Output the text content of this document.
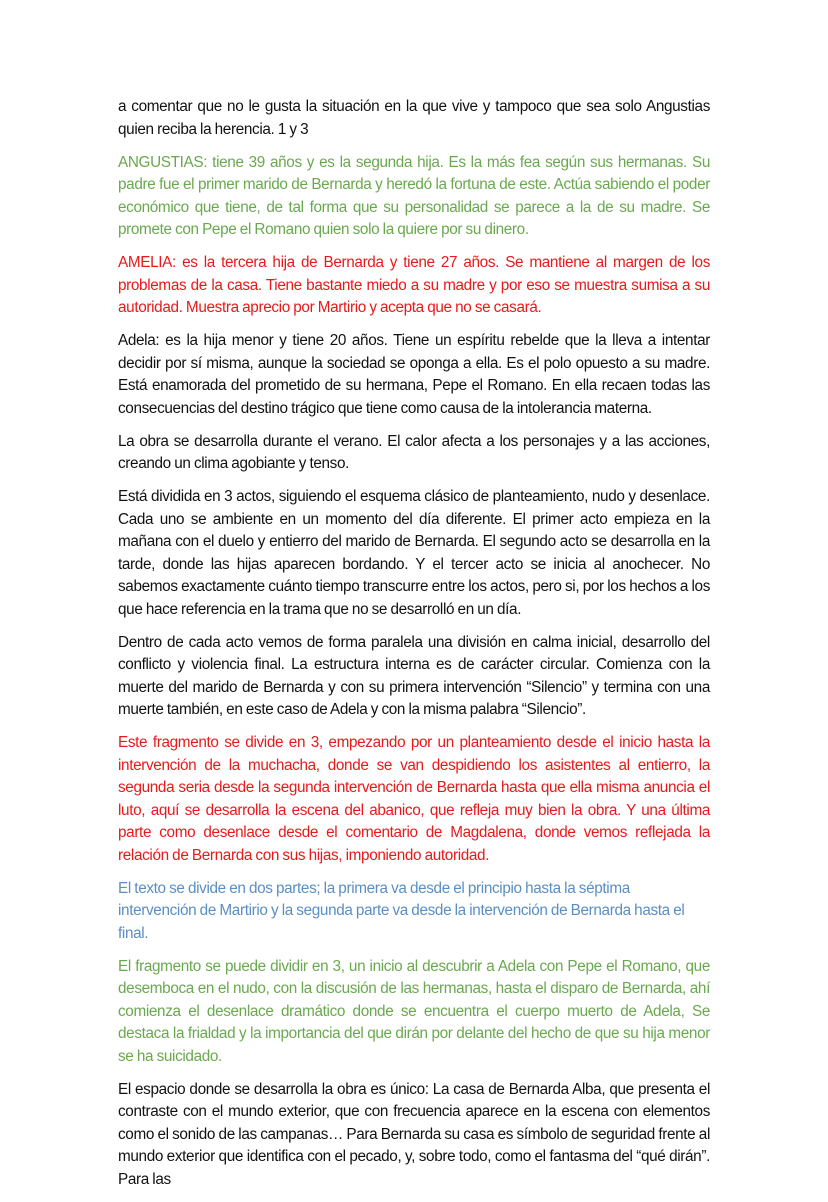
a comentar que no le gusta la situación en la que vive y tampoco que sea solo Angustias quien reciba la herencia. 1 y 3

ANGUSTIAS: tiene 39 años y es la segunda hija. Es la más fea según sus hermanas. Su padre fue el primer marido de Bernarda y heredó la fortuna de este. Actúa sabiendo el poder económico que tiene, de tal forma que su personalidad se parece a la de su madre. Se promete con Pepe el Romano quien solo la quiere por su dinero.

AMELIA: es la tercera hija de Bernarda y tiene 27 años. Se mantiene al margen de los problemas de la casa. Tiene bastante miedo a su madre y por eso se muestra sumisa a su autoridad. Muestra aprecio por Martirio y acepta que no se casará.

Adela: es la hija menor y tiene 20 años. Tiene un espíritu rebelde que la lleva a intentar decidir por sí misma, aunque la sociedad se oponga a ella. Es el polo opuesto a su madre. Está enamorada del prometido de su hermana, Pepe el Romano. En ella recaen todas las consecuencias del destino trágico que tiene como causa de la intolerancia materna.

La obra se desarrolla durante el verano. El calor afecta a los personajes y a las acciones, creando un clima agobiante y tenso.

Está dividida en 3 actos, siguiendo el esquema clásico de planteamiento, nudo y desenlace. Cada uno se ambiente en un momento del día diferente. El primer acto empieza en la mañana con el duelo y entierro del marido de Bernarda. El segundo acto se desarrolla en la tarde, donde las hijas aparecen bordando. Y el tercer acto se inicia al anochecer. No sabemos exactamente cuánto tiempo transcurre entre los actos, pero si, por los hechos a los que hace referencia en la trama que no se desarrolló en un día.

Dentro de cada acto vemos de forma paralela una división en calma inicial, desarrollo del conflicto y violencia final. La estructura interna es de carácter circular. Comienza con la muerte del marido de Bernarda y con su primera intervención “Silencio” y termina con una muerte también, en este caso de Adela y con la misma palabra “Silencio”.

Este fragmento se divide en 3, empezando por un planteamiento desde el inicio hasta la intervención de la muchacha, donde se van despidiendo los asistentes al entierro, la segunda seria desde la segunda intervención de Bernarda hasta que ella misma anuncia el luto, aquí se desarrolla la escena del abanico, que refleja muy bien la obra. Y una última parte como desenlace desde el comentario de Magdalena, donde vemos reflejada la relación de Bernarda con sus hijas, imponiendo autoridad.

El texto se divide en dos partes; la primera va desde el principio hasta la séptima intervención de Martirio y la segunda parte va desde la intervención de Bernarda hasta el final.

El fragmento se puede dividir en 3, un inicio al descubrir a Adela con Pepe el Romano, que desemboca en el nudo, con la discusión de las hermanas, hasta el disparo de Bernarda, ahí comienza el desenlace dramático donde se encuentra el cuerpo muerto de Adela, Se destaca la frialdad y la importancia del que dirán por delante del hecho de que su hija menor se ha suicidado.

El espacio donde se desarrolla la obra es único: La casa de Bernarda Alba, que presenta el contraste con el mundo exterior, que con frecuencia aparece en la escena con elementos como el sonido de las campanas… Para Bernarda su casa es símbolo de seguridad frente al mundo exterior que identifica con el pecado, y, sobre todo, como el fantasma del “qué dirán”. Para las
